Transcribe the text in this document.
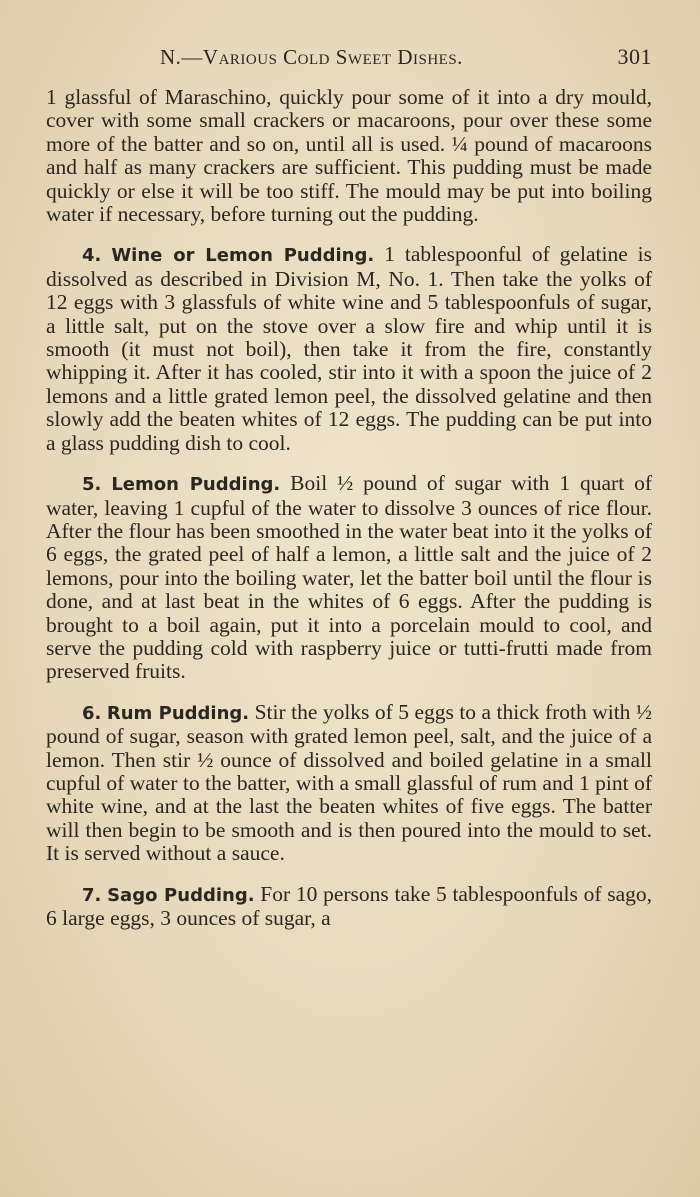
N.—Various Cold Sweet Dishes.	301

1 glassful of Maraschino, quickly pour some of it into a dry mould, cover with some small crackers or macaroons, pour over these some more of the batter and so on, until all is used. ¼ pound of macaroons and half as many crackers are sufficient. This pudding must be made quickly or else it will be too stiff. The mould may be put into boiling water if necessary, before turning out the pudding.

4. Wine or Lemon Pudding. 1 tablespoonful of gelatine is dissolved as described in Division M, No. 1. Then take the yolks of 12 eggs with 3 glassfuls of white wine and 5 tablespoonfuls of sugar, a little salt, put on the stove over a slow fire and whip until it is smooth (it must not boil), then take it from the fire, constantly whipping it. After it has cooled, stir into it with a spoon the juice of 2 lemons and a little grated lemon peel, the dissolved gelatine and then slowly add the beaten whites of 12 eggs. The pudding can be put into a glass pudding dish to cool.

5. Lemon Pudding. Boil ½ pound of sugar with 1 quart of water, leaving 1 cupful of the water to dissolve 3 ounces of rice flour. After the flour has been smoothed in the water beat into it the yolks of 6 eggs, the grated peel of half a lemon, a little salt and the juice of 2 lemons, pour into the boiling water, let the batter boil until the flour is done, and at last beat in the whites of 6 eggs. After the pudding is brought to a boil again, put it into a porcelain mould to cool, and serve the pudding cold with raspberry juice or tutti-frutti made from preserved fruits.

6. Rum Pudding. Stir the yolks of 5 eggs to a thick froth with ½ pound of sugar, season with grated lemon peel, salt, and the juice of a lemon. Then stir ½ ounce of dissolved and boiled gelatine in a small cupful of water to the batter, with a small glassful of rum and 1 pint of white wine, and at the last the beaten whites of five eggs. The batter will then begin to be smooth and is then poured into the mould to set. It is served without a sauce.

7. Sago Pudding. For 10 persons take 5 tablespoonfuls of sago, 6 large eggs, 3 ounces of sugar, a
